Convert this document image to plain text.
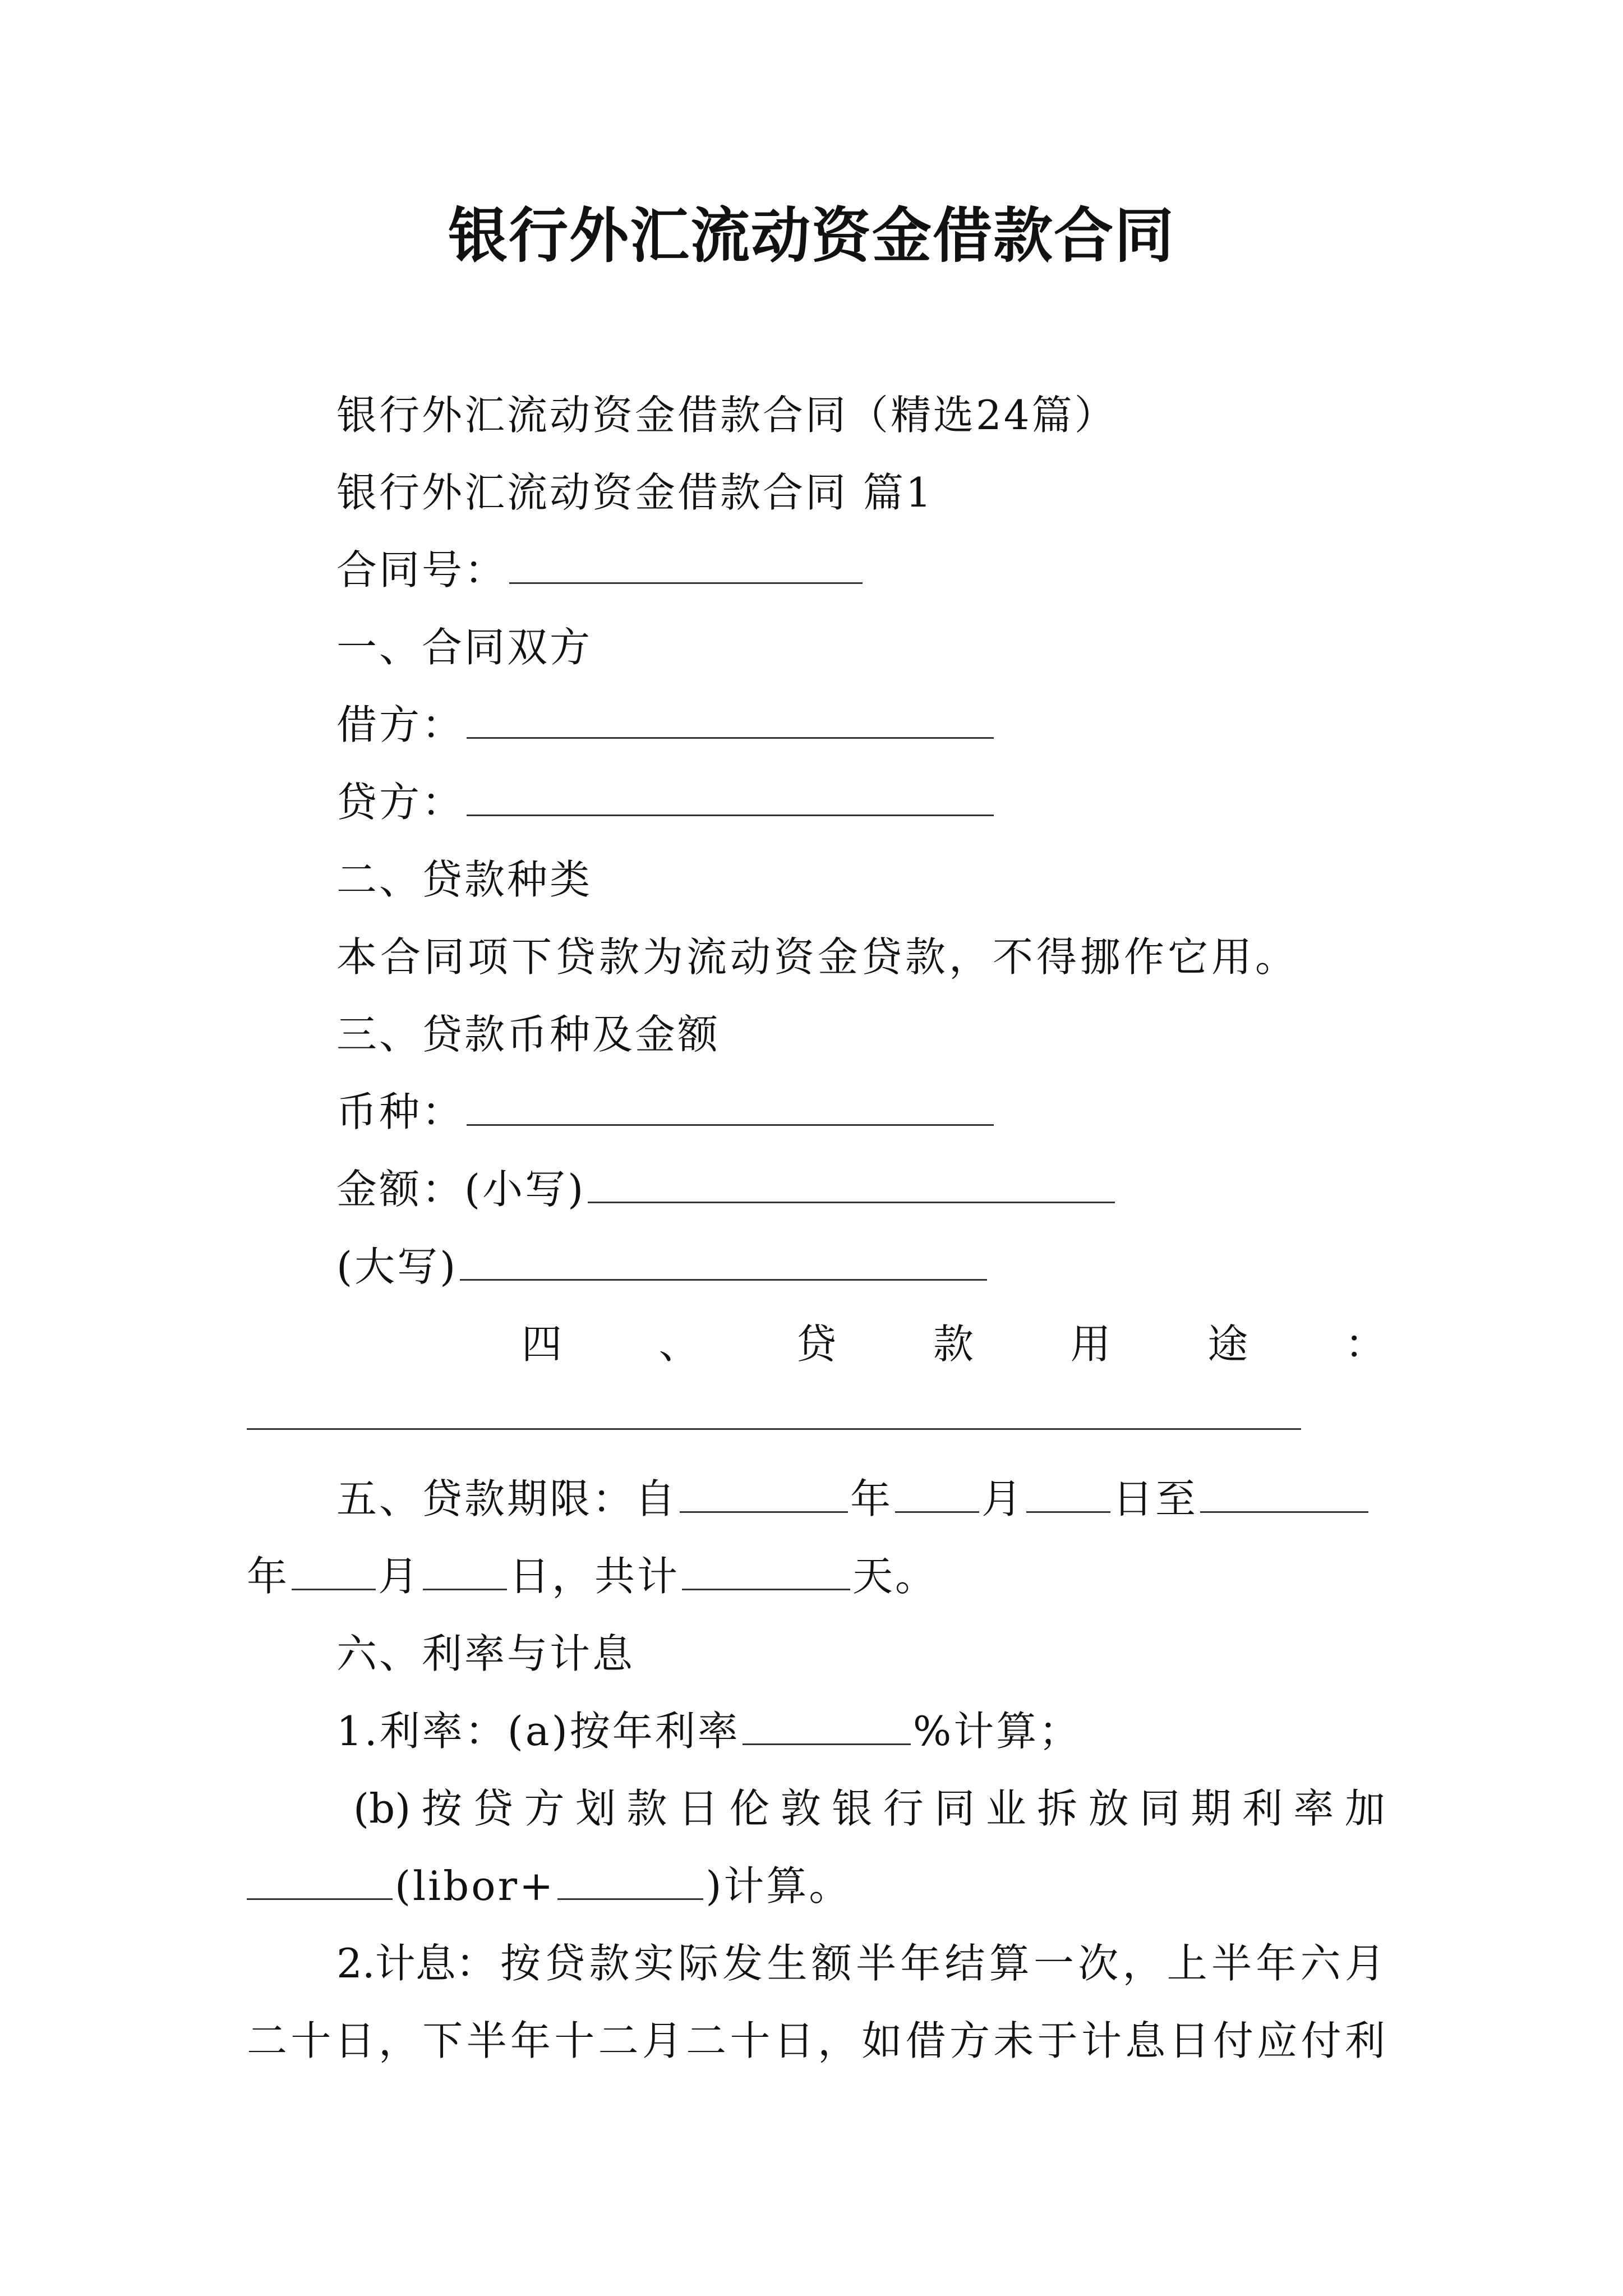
银行外汇流动资金借款合同
银行外汇流动资金借款合同（精选24篇）
银行外汇流动资金借款合同 篇1
合同号：
一、合同双方
借方：
贷方：
二、贷款种类
本合同项下贷款为流动资金贷款，不得挪作它用。
三、贷款币种及金额
币种：
金额：(小写)
(大写)
四 、 贷 款 用 途 ：
五、贷款期限：自	年 月 日至
年 月 日，共计	天。
六、利率与计息
1.利率：(a)按年利率	%计算；
(b) 按 贷 方 划 款 日 伦 敦 银 行 同 业 拆 放 同 期 利 率 加
(libor+	)计算。
2.计息： 按 贷 款 实 际 发 生 额 半 年 结 算 一 次 ， 上 半 年 六 月
二 十 日 ， 下 半 年 十 二 月 二 十 日 ， 如 借 方 未 于 计 息 日 付 应 付 利
